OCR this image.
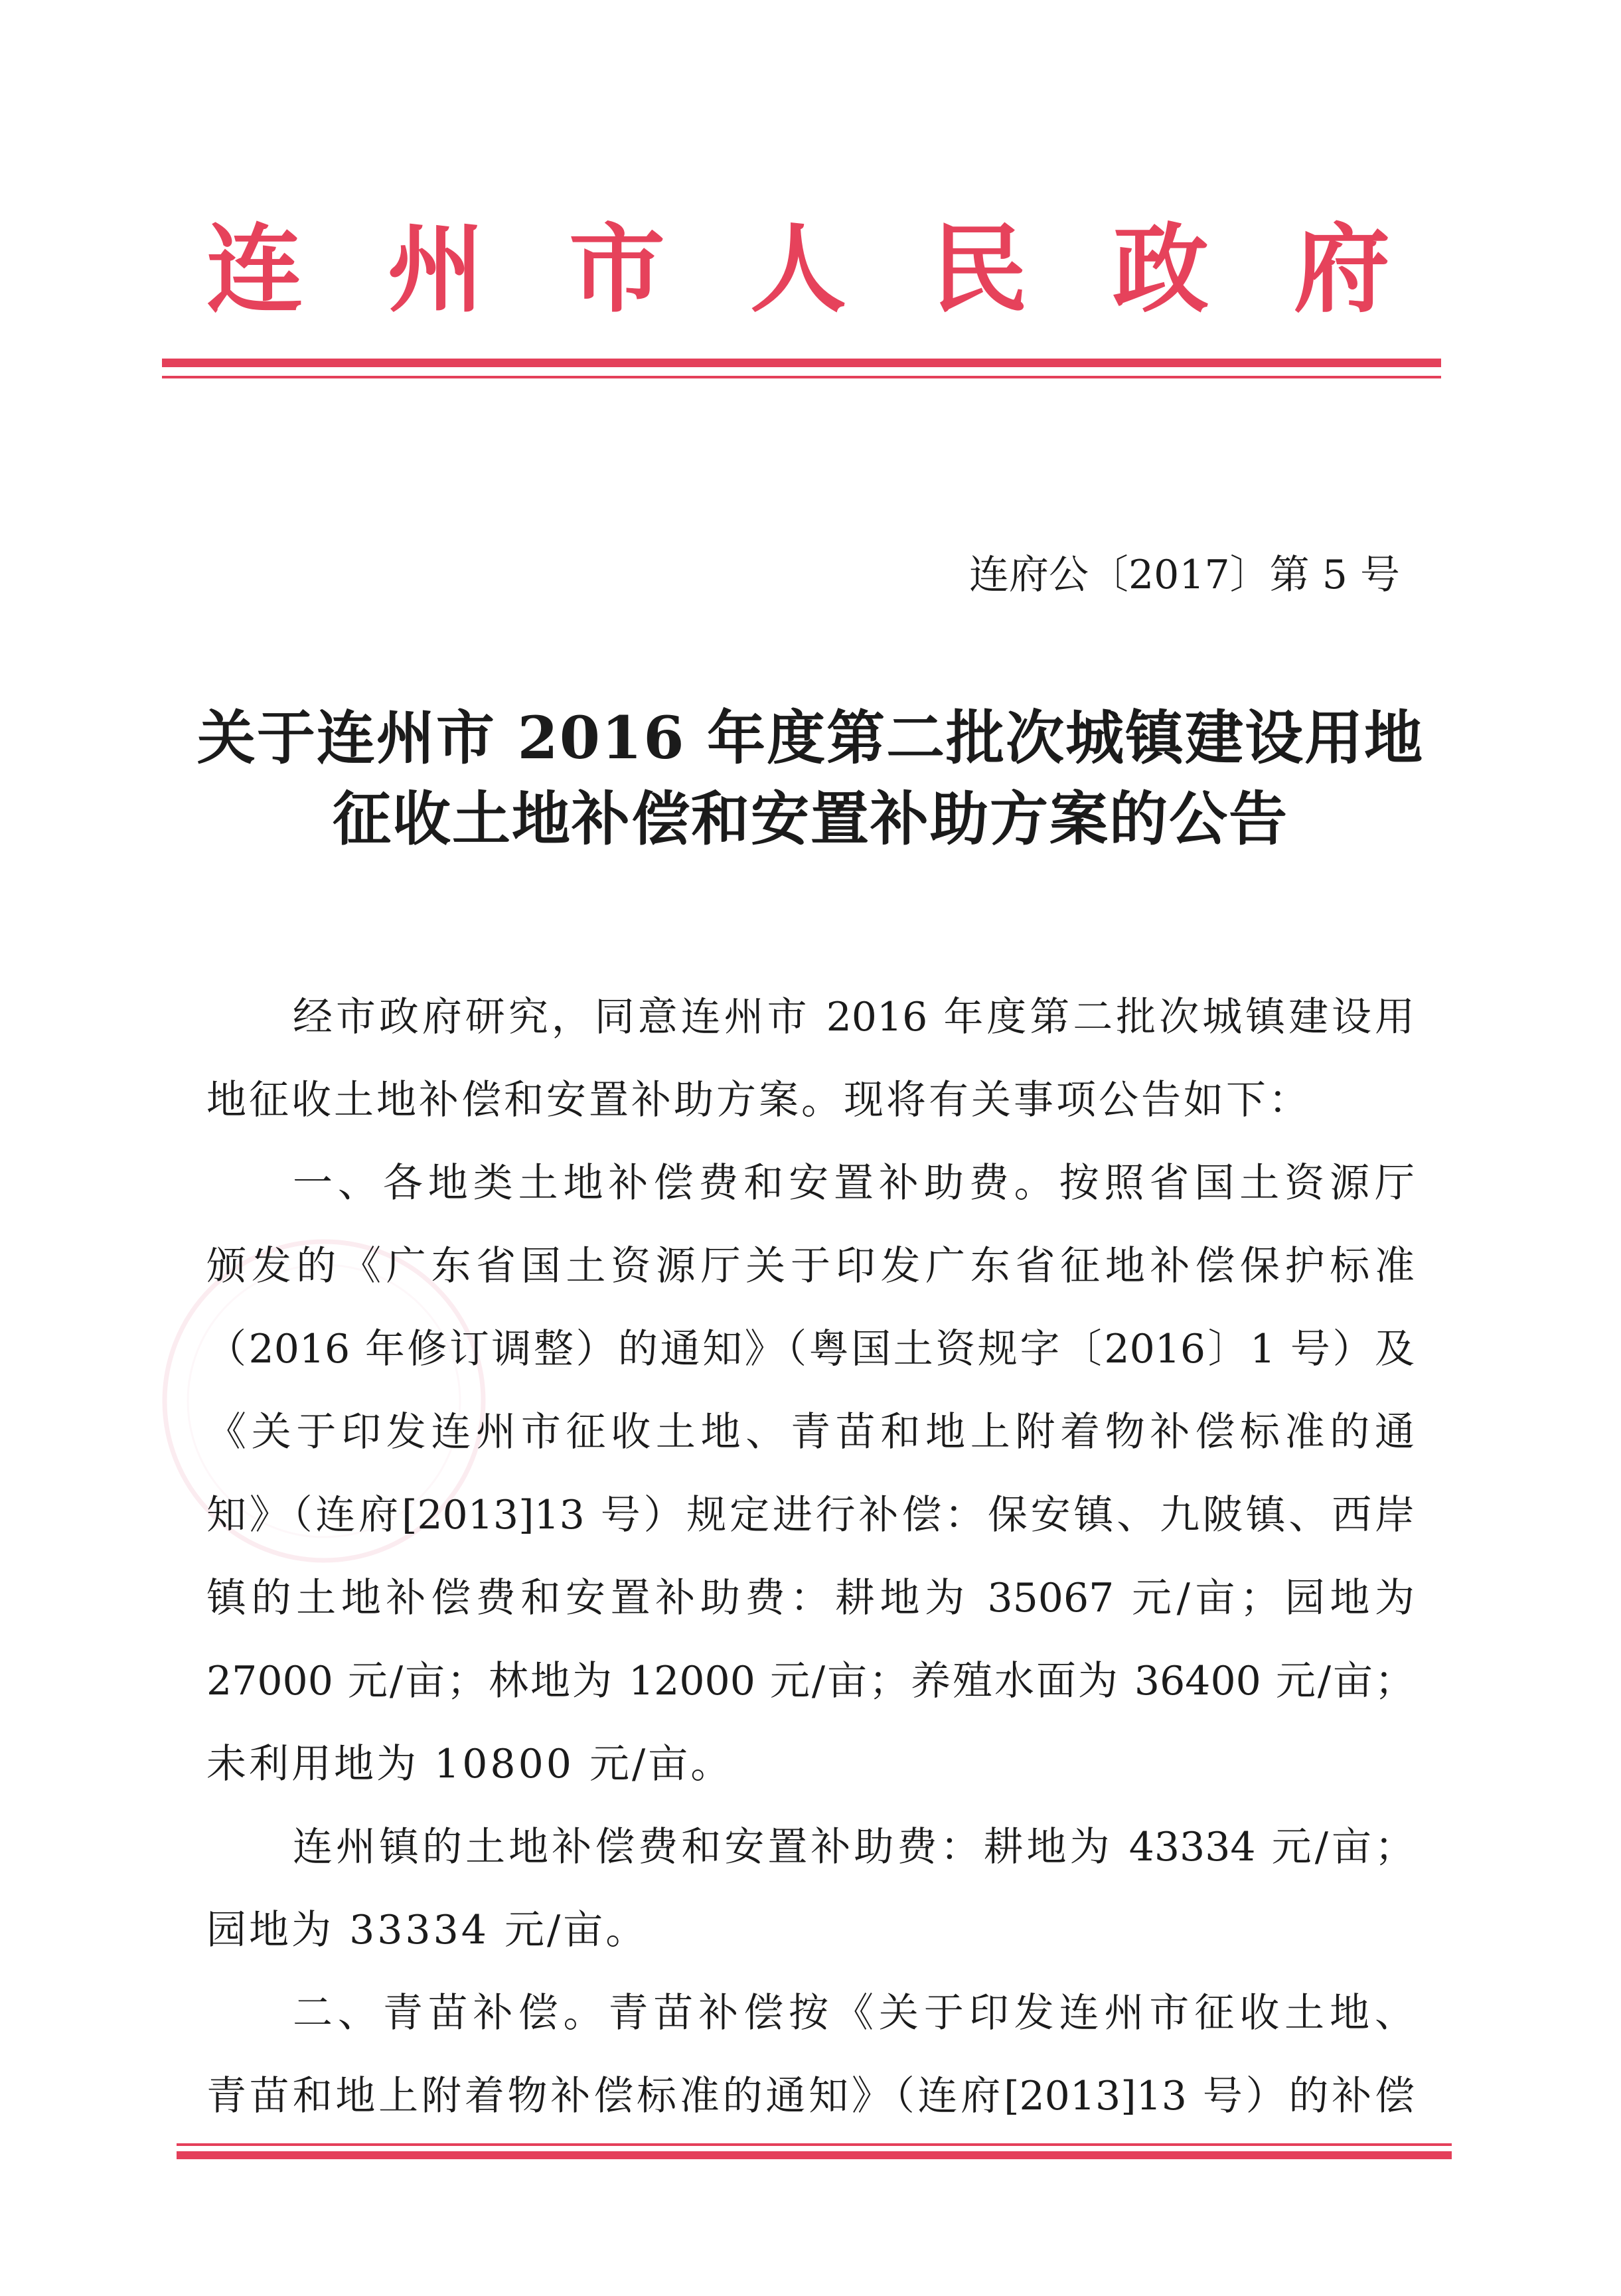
连州市人民政府
连府公〔2017〕第 5 号
关于连州市 2016 年度第二批次城镇建设用地
征收土地补偿和安置补助方案的公告
经市政府研究，同意连州市 2016 年度第二批次城镇建设用
地征收土地补偿和安置补助方案。现将有关事项公告如下：
一、各地类土地补偿费和安置补助费。按照省国土资源厅
颁发的《广东省国土资源厅关于印发广东省征地补偿保护标准
（2016 年修订调整）的通知》（粤国土资规字〔2016〕1 号）及
《关于印发连州市征收土地、青苗和地上附着物补偿标准的通
知》（连府[2013]13 号）规定进行补偿：保安镇、九陂镇、西岸
镇的土地补偿费和安置补助费：耕地为 35067 元/亩；园地为
27000 元/亩；林地为 12000 元/亩；养殖水面为 36400 元/亩；
未利用地为 10800 元/亩。
连州镇的土地补偿费和安置补助费：耕地为 43334 元/亩；
园地为 33334 元/亩。
二、青苗补偿。青苗补偿按《关于印发连州市征收土地、
青苗和地上附着物补偿标准的通知》（连府[2013]13 号）的补偿
